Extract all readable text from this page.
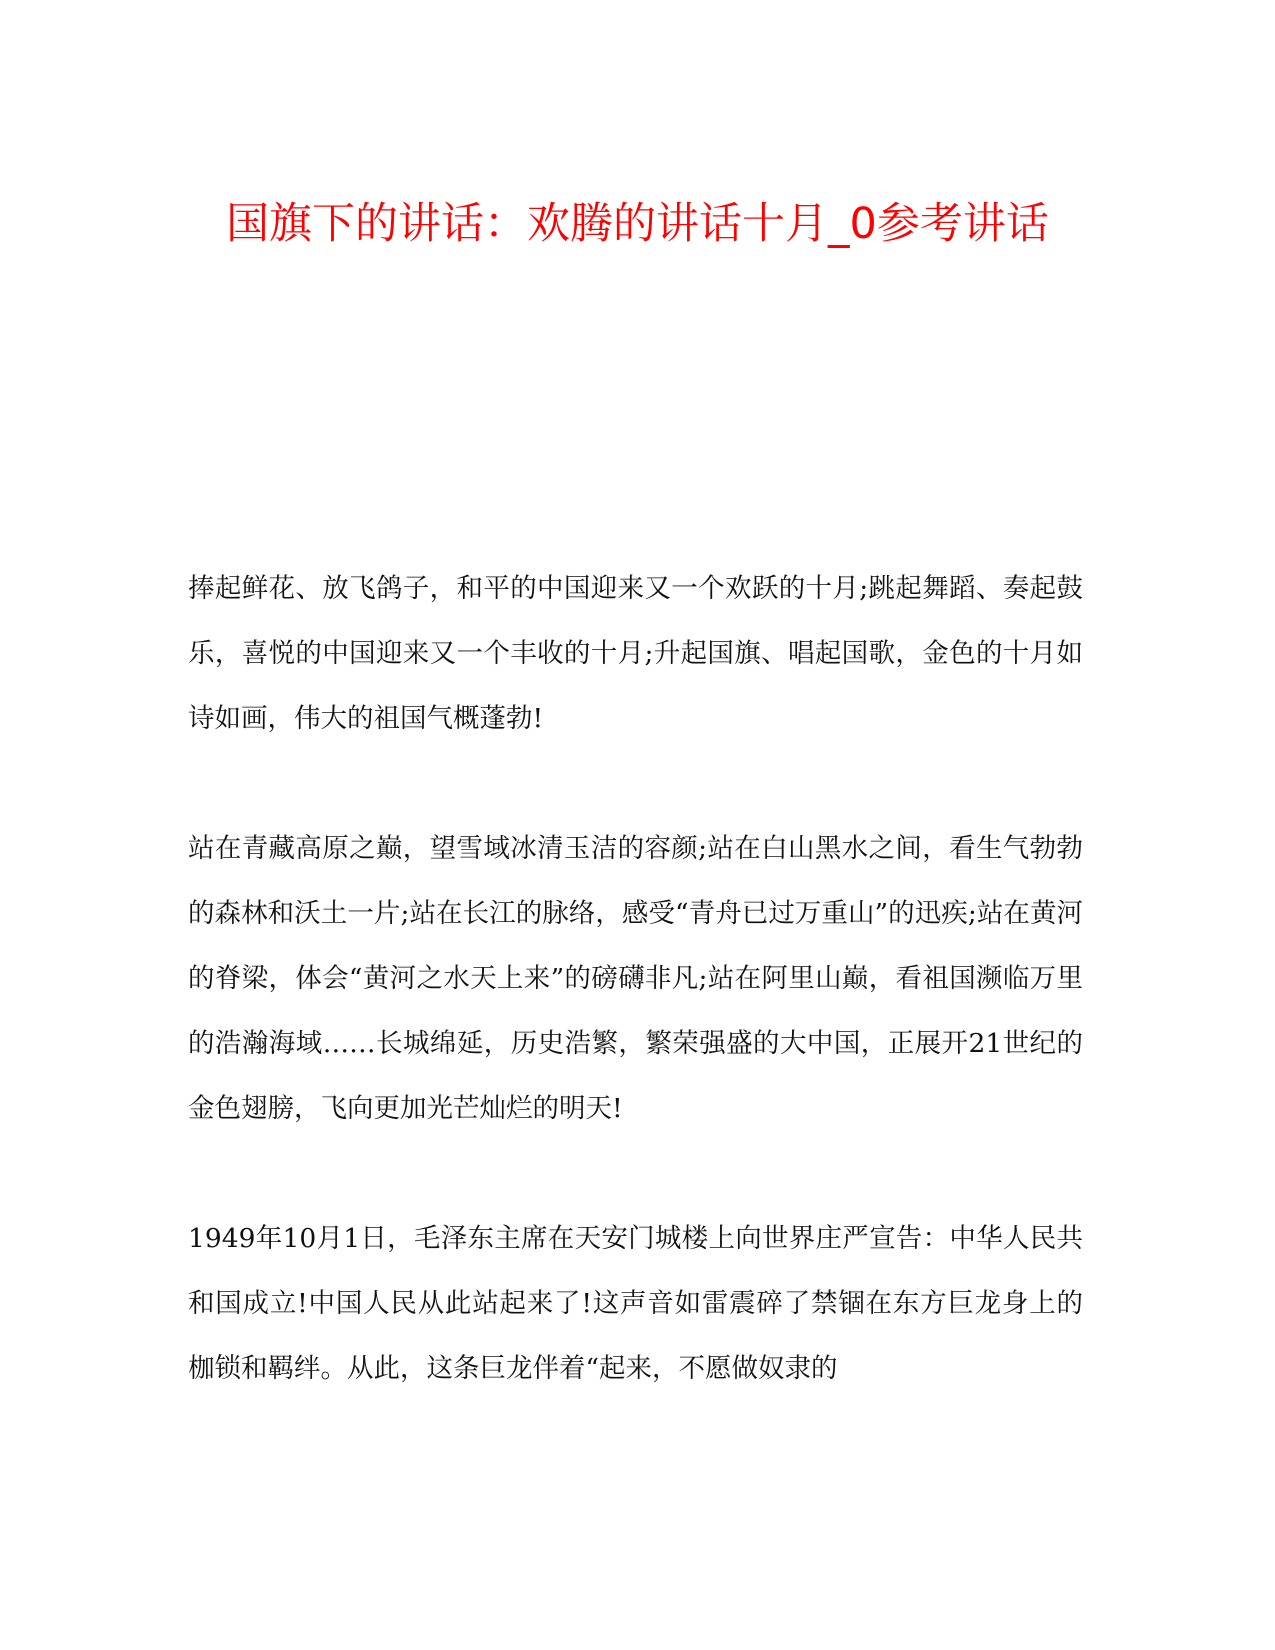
国旗下的讲话：欢腾的讲话十月_0参考讲话

捧起鲜花、放飞鸽子，和平的中国迎来又一个欢跃的十月;跳起舞蹈、奏起鼓乐，喜悦的中国迎来又一个丰收的十月;升起国旗、唱起国歌，金色的十月如诗如画，伟大的祖国气概蓬勃!

站在青藏高原之巅，望雪域冰清玉洁的容颜;站在白山黑水之间，看生气勃勃的森林和沃土一片;站在长江的脉络，感受“青舟已过万重山”的迅疾;站在黄河的脊梁，体会“黄河之水天上来”的磅礴非凡;站在阿里山巅，看祖国濒临万里的浩瀚海域……长城绵延，历史浩繁，繁荣强盛的大中国，正展开21世纪的金色翅膀，飞向更加光芒灿烂的明天!

1949年10月1日，毛泽东主席在天安门城楼上向世界庄严宣告：中华人民共和国成立!中国人民从此站起来了!这声音如雷震碎了禁锢在东方巨龙身上的枷锁和羁绊。从此，这条巨龙伴着“起来，不愿做奴隶的
